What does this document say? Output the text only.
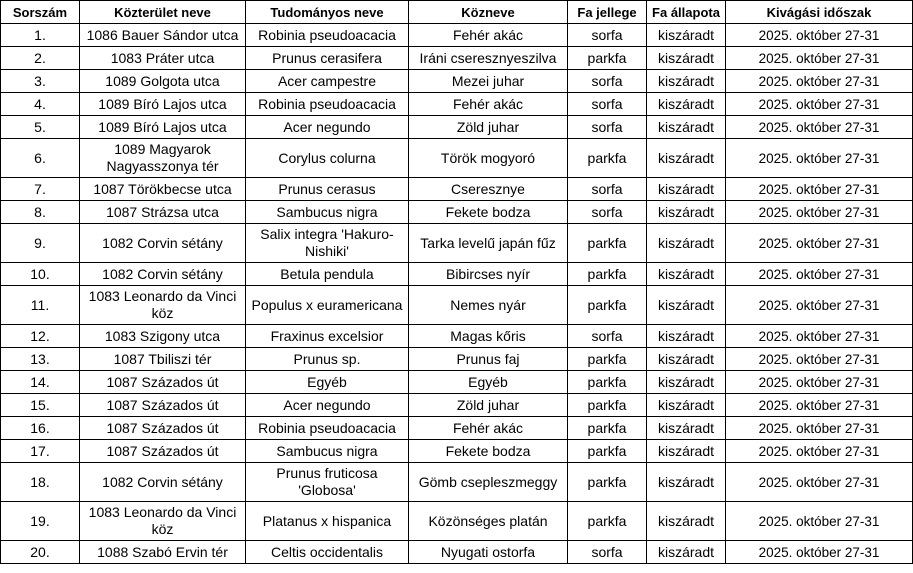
Sorszám	Közterület neve	Tudományos neve	Közneve	Fa jellege	Fa állapota	Kivágási időszak
1.	1086 Bauer Sándor utca	Robinia pseudoacacia	Fehér akác	sorfa	kiszáradt	2025. október 27-31
2.	1083 Práter utca	Prunus cerasifera	Iráni cseresznyeszilva	parkfa	kiszáradt	2025. október 27-31
3.	1089 Golgota utca	Acer campestre	Mezei juhar	sorfa	kiszáradt	2025. október 27-31
4.	1089 Bíró Lajos utca	Robinia pseudoacacia	Fehér akác	sorfa	kiszáradt	2025. október 27-31
5.	1089 Bíró Lajos utca	Acer negundo	Zöld juhar	sorfa	kiszáradt	2025. október 27-31
6.	1089 Magyarok Nagyasszonya tér	Corylus colurna	Török mogyoró	parkfa	kiszáradt	2025. október 27-31
7.	1087 Törökbecse utca	Prunus cerasus	Cseresznye	sorfa	kiszáradt	2025. október 27-31
8.	1087 Strázsa utca	Sambucus nigra	Fekete bodza	sorfa	kiszáradt	2025. október 27-31
9.	1082 Corvin sétány	Salix integra 'Hakuro-Nishiki'	Tarka levelű japán fűz	parkfa	kiszáradt	2025. október 27-31
10.	1082 Corvin sétány	Betula pendula	Bibircses nyír	parkfa	kiszáradt	2025. október 27-31
11.	1083 Leonardo da Vinci köz	Populus x euramericana	Nemes nyár	parkfa	kiszáradt	2025. október 27-31
12.	1083 Szigony utca	Fraxinus excelsior	Magas kőris	sorfa	kiszáradt	2025. október 27-31
13.	1087 Tbiliszi tér	Prunus sp.	Prunus faj	parkfa	kiszáradt	2025. október 27-31
14.	1087 Százados út	Egyéb	Egyéb	parkfa	kiszáradt	2025. október 27-31
15.	1087 Százados út	Acer negundo	Zöld juhar	parkfa	kiszáradt	2025. október 27-31
16.	1087 Százados út	Robinia pseudoacacia	Fehér akác	parkfa	kiszáradt	2025. október 27-31
17.	1087 Százados út	Sambucus nigra	Fekete bodza	parkfa	kiszáradt	2025. október 27-31
18.	1082 Corvin sétány	Prunus fruticosa 'Globosa'	Gömb csepleszmeggy	parkfa	kiszáradt	2025. október 27-31
19.	1083 Leonardo da Vinci köz	Platanus x hispanica	Közönséges platán	parkfa	kiszáradt	2025. október 27-31
20.	1088 Szabó Ervin tér	Celtis occidentalis	Nyugati ostorfa	sorfa	kiszáradt	2025. október 27-31
